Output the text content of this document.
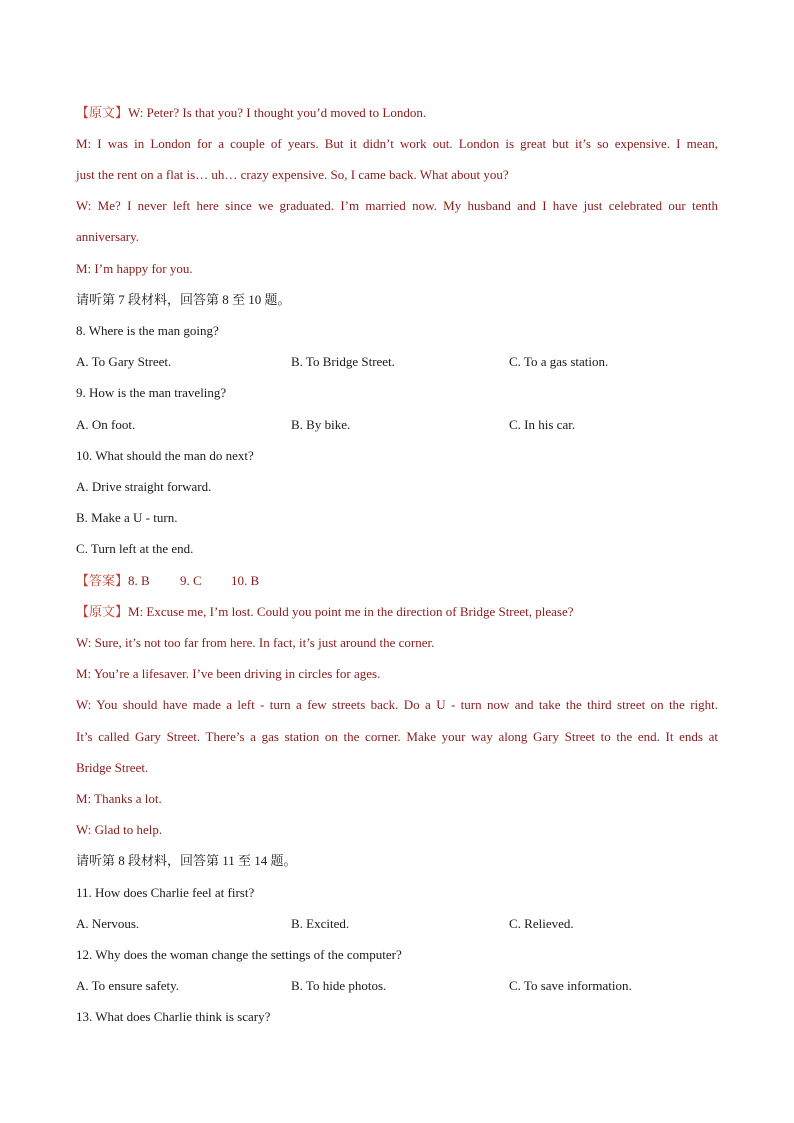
【原文】W: Peter? Is that you? I thought you’d moved to London.
M: I was in London for a couple of years. But it didn’t work out. London is great but it’s so expensive. I mean,
just the rent on a flat is… uh… crazy expensive. So, I came back. What about you?
W: Me? I never left here since we graduated. I’m married now. My husband and I have just celebrated our tenth
anniversary.
M: I’m happy for you.
请听第 7 段材料，回答第 8 至 10 题。
8. Where is the man going?
A. To Gary Street.	B. To Bridge Street.	C. To a gas station.
9. How is the man traveling?
A. On foot.	B. By bike.	C. In his car.
10. What should the man do next?
A. Drive straight forward.
B. Make a U - turn.
C. Turn left at the end.
【答案】8. B 9. C 10. B
【原文】M: Excuse me, I’m lost. Could you point me in the direction of Bridge Street, please?
W: Sure, it’s not too far from here. In fact, it’s just around the corner.
M: You’re a lifesaver. I’ve been driving in circles for ages.
W: You should have made a left - turn a few streets back. Do a U - turn now and take the third street on the right.
It’s called Gary Street. There’s a gas station on the corner. Make your way along Gary Street to the end. It ends at
Bridge Street.
M: Thanks a lot.
W: Glad to help.
请听第 8 段材料，回答第 11 至 14 题。
11. How does Charlie feel at first?
A. Nervous.	B. Excited.	C. Relieved.
12. Why does the woman change the settings of the computer?
A. To ensure safety.	B. To hide photos.	C. To save information.
13. What does Charlie think is scary?
